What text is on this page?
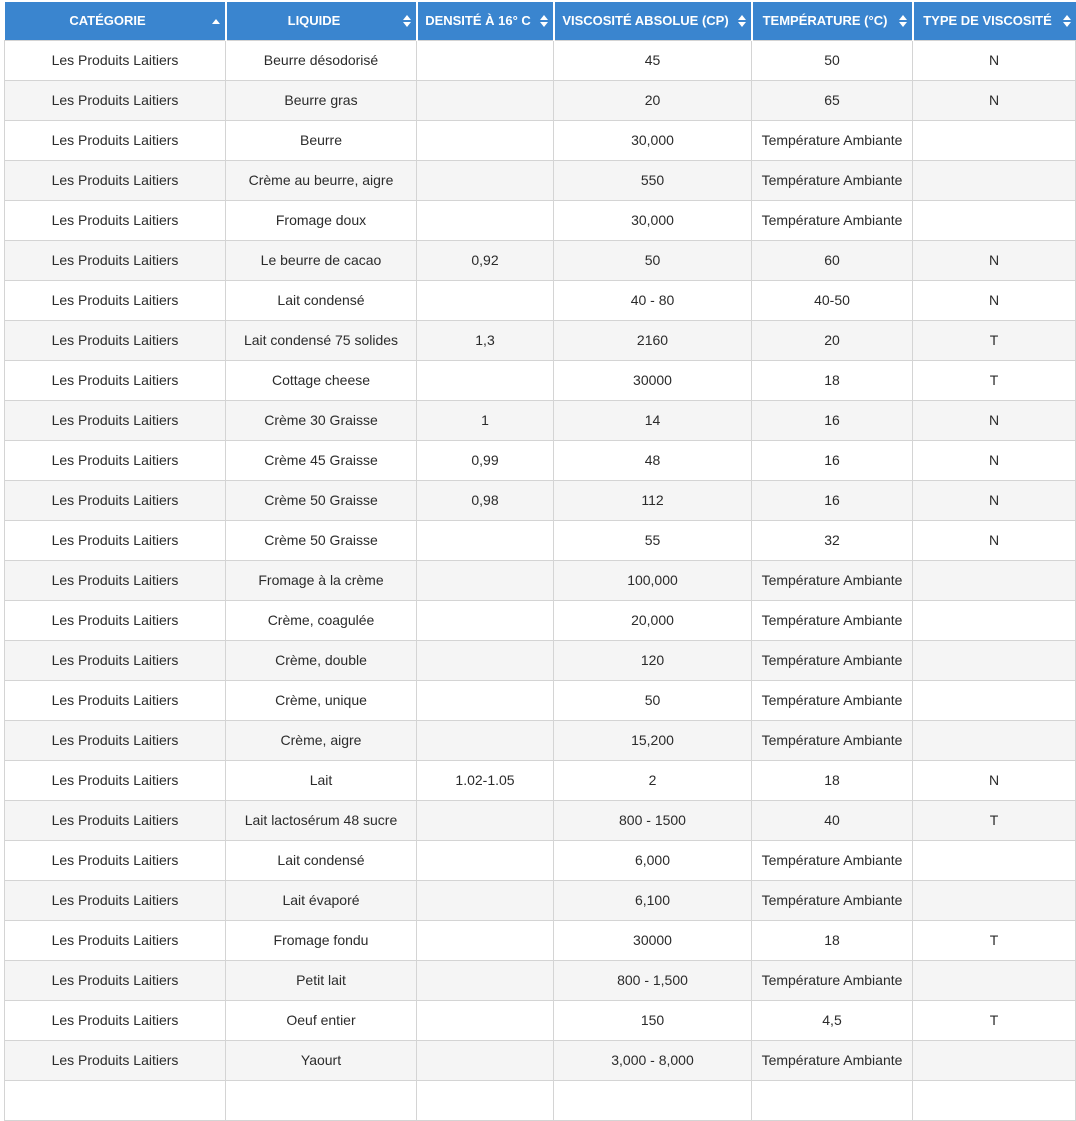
CATÉGORIE	LIQUIDE	DENSITÉ À 16° C	VISCOSITÉ ABSOLUE (CP)	TEMPÉRATURE (°C)	TYPE DE VISCOSITÉ

Les Produits Laitiers	Beurre désodorisé		45	50	N
Les Produits Laitiers	Beurre gras		20	65	N
Les Produits Laitiers	Beurre		30,000	Température Ambiante	
Les Produits Laitiers	Crème au beurre, aigre		550	Température Ambiante	
Les Produits Laitiers	Fromage doux		30,000	Température Ambiante	
Les Produits Laitiers	Le beurre de cacao	0,92	50	60	N
Les Produits Laitiers	Lait condensé		40 - 80	40-50	N
Les Produits Laitiers	Lait condensé 75 solides	1,3	2160	20	T
Les Produits Laitiers	Cottage cheese		30000	18	T
Les Produits Laitiers	Crème 30 Graisse	1	14	16	N
Les Produits Laitiers	Crème 45 Graisse	0,99	48	16	N
Les Produits Laitiers	Crème 50 Graisse	0,98	112	16	N
Les Produits Laitiers	Crème 50 Graisse		55	32	N
Les Produits Laitiers	Fromage à la crème		100,000	Température Ambiante	
Les Produits Laitiers	Crème, coagulée		20,000	Température Ambiante	
Les Produits Laitiers	Crème, double		120	Température Ambiante	
Les Produits Laitiers	Crème, unique		50	Température Ambiante	
Les Produits Laitiers	Crème, aigre		15,200	Température Ambiante	
Les Produits Laitiers	Lait	1.02-1.05	2	18	N
Les Produits Laitiers	Lait lactosérum 48 sucre		800 - 1500	40	T
Les Produits Laitiers	Lait condensé		6,000	Température Ambiante	
Les Produits Laitiers	Lait évaporé		6,100	Température Ambiante	
Les Produits Laitiers	Fromage fondu		30000	18	T
Les Produits Laitiers	Petit lait		800 - 1,500	Température Ambiante	
Les Produits Laitiers	Oeuf entier		150	4,5	T
Les Produits Laitiers	Yaourt		3,000 - 8,000	Température Ambiante	
